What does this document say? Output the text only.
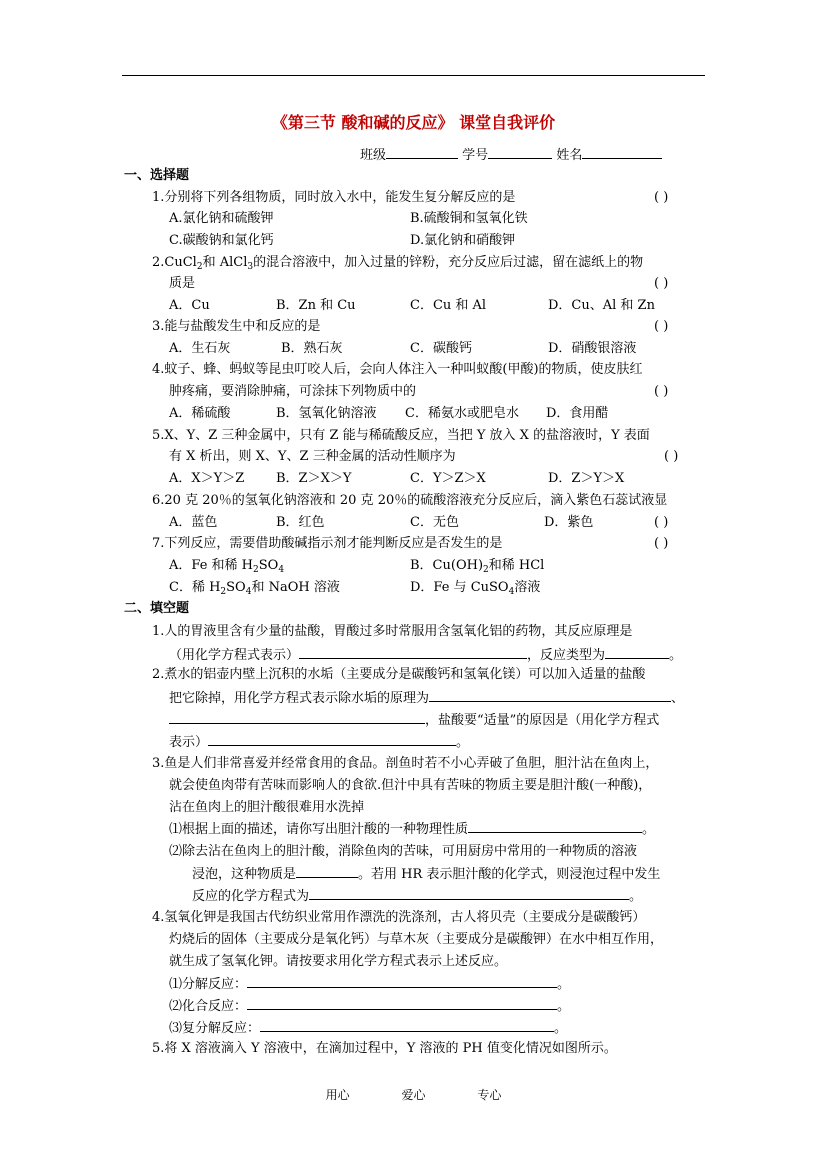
《第三节 酸和碱的反应》 课堂自我评价
班级	学号	姓名
一、选择题
1.分别将下列各组物质，同时放入水中，能发生复分解反应的是	( )
A.氯化钠和硫酸钾	B.硫酸铜和氢氧化铁
C.碳酸钠和氯化钙	D.氯化钠和硝酸钾
2.CuCl$_2$和 AlCl$_3$的混合溶液中，加入过量的锌粉，充分反应后过滤，留在滤纸上的物
质是	( )
A．Cu	B．Zn 和 Cu	C．Cu 和 Al	D．Cu、Al 和 Zn
3.能与盐酸发生中和反应的是	( )
A．生石灰	B．熟石灰	C．碳酸钙	D．硝酸银溶液
4.蚊子、蜂、蚂蚁等昆虫叮咬人后，会向人体注入一种叫蚁酸(甲酸)的物质，使皮肤红
肿疼痛，要消除肿痛，可涂抹下列物质中的	( )
A．稀硫酸	B．氢氧化钠溶液 C．稀氨水或肥皂水 D．食用醋
5.X、Y、Z 三种金属中，只有 Z 能与稀硫酸反应，当把 Y 放入 X 的盐溶液时，Y 表面
有 X 析出，则 X、Y、Z 三种金属的活动性顺序为	( )
A．X＞Y＞Z B．Z＞X＞Y	C．Y＞Z＞X	D．Z＞Y＞X
6.20 克 20％的氢氧化钠溶液和 20 克 20％的硫酸溶液充分反应后，滴入紫色石蕊试液显
A．蓝色	B．红色	C．无色	D．紫色	( )
7.下列反应，需要借助酸碱指示剂才能判断反应是否发生的是	( )
A．Fe 和稀 $H_2SO_4$	B．$Cu(OH)_2$和稀 HCl
C．稀 $H_2SO_4$和 NaOH 溶液	D．Fe 与 CuSO$_4$溶液
二、填空题
1.人的胃液里含有少量的盐酸，胃酸过多时常服用含氢氧化铝的药物，其反应原理是
（用化学方程式表示）	，反应类型为	。
2.煮水的铝壶内壁上沉积的水垢（主要成分是碳酸钙和氢氧化镁）可以加入适量的盐酸
把它除掉，用化学方程式表示除水垢的原理为	、
，盐酸要“适量”的原因是（用化学方程式
表示）	。
3.鱼是人们非常喜爱并经常食用的食品。剖鱼时若不小心弄破了鱼胆，胆汁沾在鱼肉上，
就会使鱼肉带有苦味而影响人的食欲.但汁中具有苦味的物质主要是胆汁酸(一种酸)，
沾在鱼肉上的胆汁酸很难用水洗掉
⑴根据上面的描述，请你写出胆汁酸的一种物理性质	。
⑵除去沾在鱼肉上的胆汁酸，消除鱼肉的苦味，可用厨房中常用的一种物质的溶液
浸泡，这种物质是	。若用 HR 表示胆汁酸的化学式，则浸泡过程中发生
反应的化学方程式为	。
4.氢氧化钾是我国古代纺织业常用作漂洗的洗涤剂，古人将贝壳（主要成分是碳酸钙）
灼烧后的固体（主要成分是氧化钙）与草木灰（主要成分是碳酸钾）在水中相互作用，
就生成了氢氧化钾。请按要求用化学方程式表示上述反应。
⑴分解反应：	。
⑵化合反应：	。
⑶复分解反应：	。
5.将 X 溶液滴入 Y 溶液中，在滴加过程中，Y 溶液的 PH 值变化情况如图所示。
用心	爱心	专心
